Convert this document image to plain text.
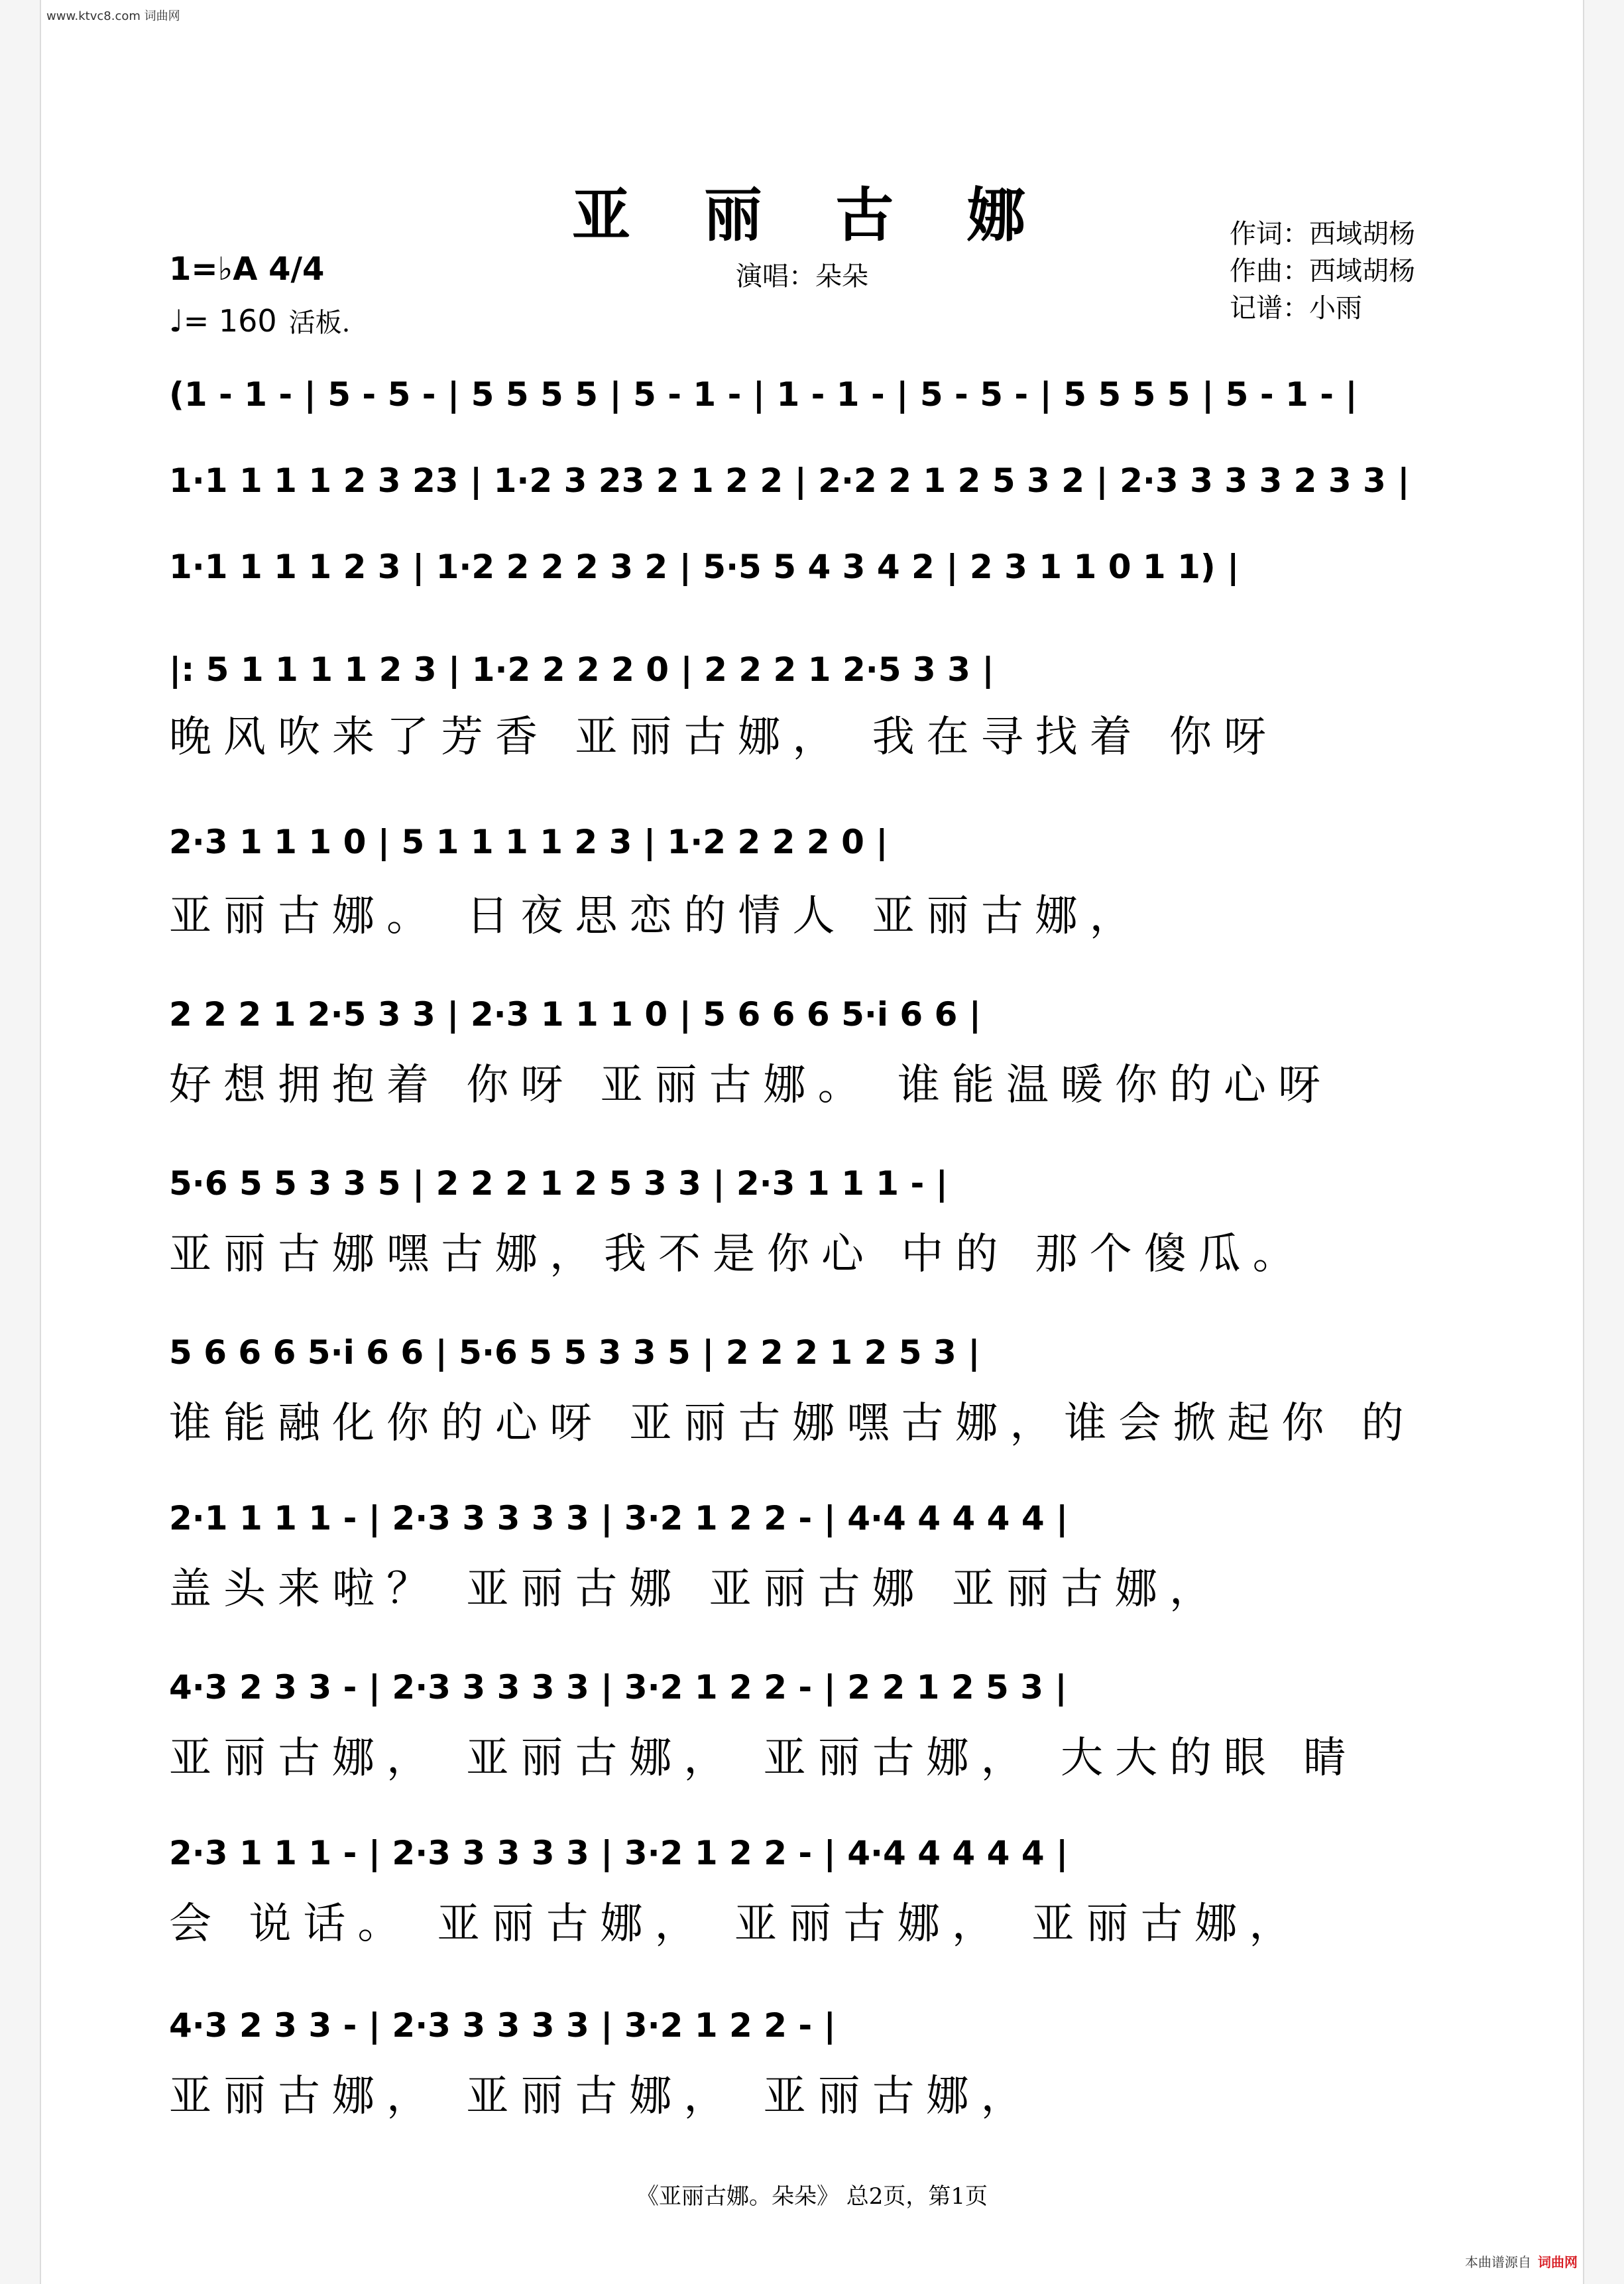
www.ktvc8.com 词曲网
亚 丽 古 娜	作词：西域胡杨
作曲：西域胡杨
记谱：小雨
演唱：朵朵
1=♭A 4/4
♩= 160 活板.
(1 - 1 - | 5 - 5 - | 5 5 5 5 | 5 - 1 - | 1 - 1 - | 5 - 5 - | 5 5 5 5 | 5 - 1 - |
1·1 1 1 1 2 3 23 | 1·2 3 23 2 1 2 2 | 2·2 2 1 2 5 3 2 | 2·3 3 3 3 2 3 3 |
1·1 1 1 1 2 3 | 1·2 2 2 2 3 2 | 5·5 5 4 3 4 2 | 2 3 1 1 0 1 1) |
|: 5 1 1 1 1 2 3 | 1·2 2 2 2 0 | 2 2 2 1 2·5 3 3 |
晚风吹来了芳香 亚丽古娜， 我在寻找着 你呀
2·3 1 1 1 0 | 5 1 1 1 1 2 3 | 1·2 2 2 2 0 |
亚丽古娜。 日夜思恋的情人 亚丽古娜，
2 2 2 1 2·5 3 3 | 2·3 1 1 1 0 | 5 6 6 6 5·i 6 6 |
好想拥抱着 你呀 亚丽古娜。 谁能温暖你的心呀
5·6 5 5 3 3 5 | 2 2 2 1 2 5 3 3 | 2·3 1 1 1 - |
亚丽古娜嘿古娜，我不是你心 中的 那个傻瓜。
5 6 6 6 5·i 6 6 | 5·6 5 5 3 3 5 | 2 2 2 1 2 5 3 |
谁能融化你的心呀 亚丽古娜嘿古娜，谁会掀起你 的
2·1 1 1 1 - | 2·3 3 3 3 3 | 3·2 1 2 2 - | 4·4 4 4 4 4 |
盖头来啦？ 亚丽古娜 亚丽古娜 亚丽古娜，
4·3 2 3 3 - | 2·3 3 3 3 3 | 3·2 1 2 2 - | 2 2 1 2 5 3 |
亚丽古娜， 亚丽古娜， 亚丽古娜， 大大的眼 睛
2·3 1 1 1 - | 2·3 3 3 3 3 | 3·2 1 2 2 - | 4·4 4 4 4 4 |
会 说话。 亚丽古娜， 亚丽古娜， 亚丽古娜，
4·3 2 3 3 - | 2·3 3 3 3 3 | 3·2 1 2 2 - |
亚丽古娜， 亚丽古娜， 亚丽古娜，
《亚丽古娜。朵朵》 总2页，第1页
本曲谱源自 词曲网
